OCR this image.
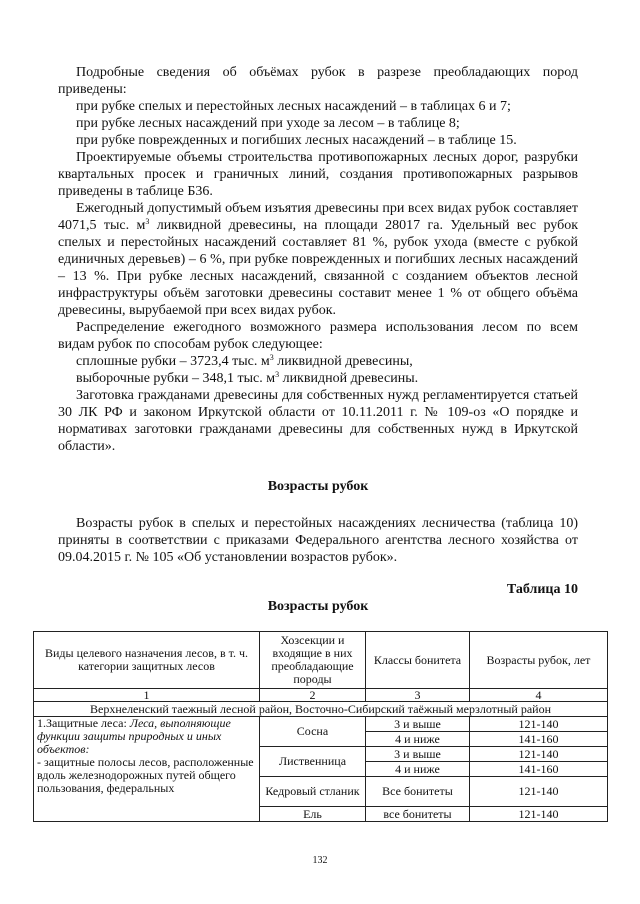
Подробные сведения об объёмах рубок в разрезе преобладающих пород приведены:

при рубке спелых и перестойных лесных насаждений – в таблицах 6 и 7;

при рубке лесных насаждений при уходе за лесом – в таблице 8;

при рубке поврежденных и погибших лесных насаждений – в таблице 15.

Проектируемые объемы строительства противопожарных лесных дорог, разрубки квартальных просек и граничных линий, создания противопожарных разрывов приведены в таблице Б36.

Ежегодный допустимый объем изъятия древесины при всех видах рубок составляет 4071,5 тыс. $м^3$ ликвидной древесины, на площади 28017 га. Удельный вес рубок спелых и перестойных насаждений составляет 81 %, рубок ухода (вместе с рубкой единичных деревьев) – 6 %, при рубке поврежденных и погибших лесных насаждений – 13 %. При рубке лесных насаждений, связанной с созданием объектов лесной инфраструктуры объём заготовки древесины составит менее 1 % от общего объёма древесины, вырубаемой при всех видах рубок.

Распределение ежегодного возможного размера использования лесом по всем видам рубок по способам рубок следующее:

сплошные рубки – 3723,4 тыс. $м^3$ ликвидной древесины,

выборочные рубки – 348,1 тыс. $м^3$ ликвидной древесины.

Заготовка гражданами древесины для собственных нужд регламентируется статьей 30 ЛК РФ и законом Иркутской области от 10.11.2011 г. № 109-оз «О порядке и нормативах заготовки гражданами древесины для собственных нужд в Иркутской области».

Возрасты рубок

Возрасты рубок в спелых и перестойных насаждениях лесничества (таблица 10) приняты в соответствии с приказами Федерального агентства лесного хозяйства от 09.04.2015 г. № 105 «Об установлении возрастов рубок».

Таблица 10

Возрасты рубок

Виды целевого назначения лесов, в т. ч. категории защитных лесов	Хозсекции и входящие в них преобладающие породы	Классы бонитета	Возрасты рубок, лет
1	2	3	4
Верхнеленский таежный лесной район, Восточно-Сибирский таёжный мерзлотный район			
1.Защитные леса: Леса, выполняющие функции защиты природных и иных объектов:
- защитные полосы лесов, расположенные вдоль железнодорожных путей общего пользования, федеральных	Сосна	3 и выше	121-140
		4 и ниже	141-160
	Лиственница	3 и выше	121-140
		4 и ниже	141-160
	Кедровый стланик	Все бонитеты	121-140
	Ель	все бонитеты	121-140
132
